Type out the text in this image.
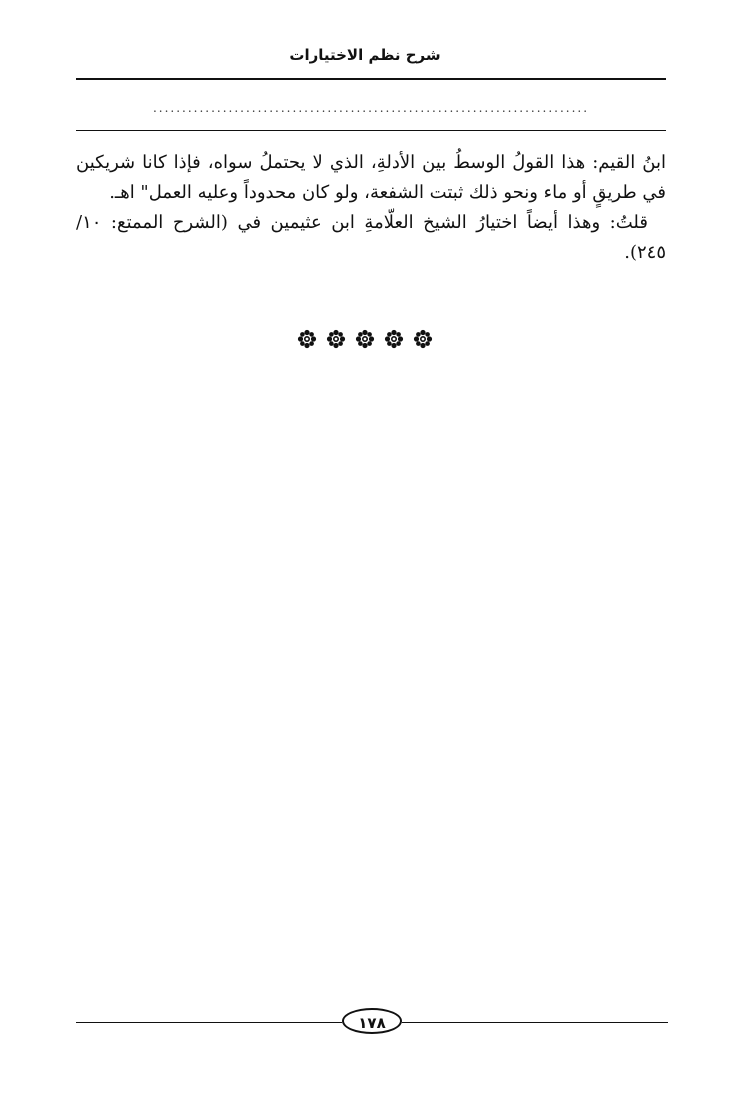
شرح نظم الاختيارات
...........................................................................

ابنُ القيم: هذا القولُ الوسطُ بين الأدلةِ، الذي لا يحتملُ سواه، فإذا كانا شريكين في طريقٍ أو ماء ونحو ذلك ثبتت الشفعة، ولو كان محدوداً وعليه العمل" اهـ.

قلتُ: وهذا أيضاً اختيارُ الشيخ العلّامةِ ابن عثيمين في (الشرح الممتع: ١٠/ ٢٤٥).

١٧٨
